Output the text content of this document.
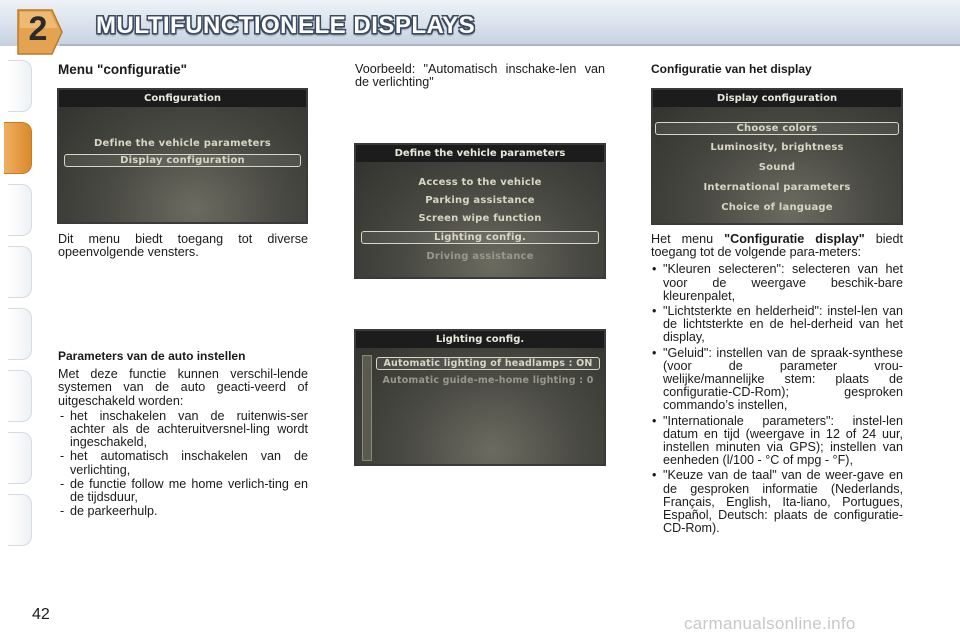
2	MULTIFUNCTIONELE DISPLAYS
Menu "configuratie"
Configuration
Define the vehicle parameters
Display configuration

Dit menu biedt toegang tot diverse opeenvolgende vensters.

Parameters van de auto instellen

Met deze functie kunnen verschil-lende systemen van de auto geacti-veerd of uitgeschakeld worden:

- het inschakelen van de ruitenwis-ser achter als de achteruitversnel-ling wordt ingeschakeld,
- het automatisch inschakelen van de verlichting,
- de functie follow me home verlich-ting en de tijdsduur,
- de parkeerhulp.

Voorbeeld: "Automatisch inschake-len van de verlichting"

Define the vehicle parameters
Access to the vehicle
Parking assistance
Screen wipe function
Lighting config.
Driving assistance
Lighting config.
Automatic lighting of headlamps : ON
Automatic guide-me-home lighting : 0
Configuratie van het display
Display configuration
Choose colors
Luminosity, brightness
Sound
International parameters
Choice of language

Het menu "Configuratie display" biedt toegang tot de volgende para-meters:

• "Kleuren selecteren": selecteren van het voor de weergave beschik-bare kleurenpalet,
• "Lichtsterkte en helderheid": instel-len van de lichtsterkte en de hel-derheid van het display,
• "Geluid": instellen van de spraak-synthese (voor de parameter vrou-welijke/mannelijke stem: plaats de configuratie-CD-Rom); gesproken commando’s instellen,
• "Internationale parameters": instel-len datum en tijd (weergave in 12 of 24 uur, instellen minuten via GPS); instellen van eenheden (l/100 - °C of mpg - °F),
• "Keuze van de taal" van de weer-gave en de gesproken informatie (Nederlands, Français, English, Ita-liano, Portugues, Español, Deutsch: plaats de configuratie-CD-Rom).
42	carmanualsonline.info
